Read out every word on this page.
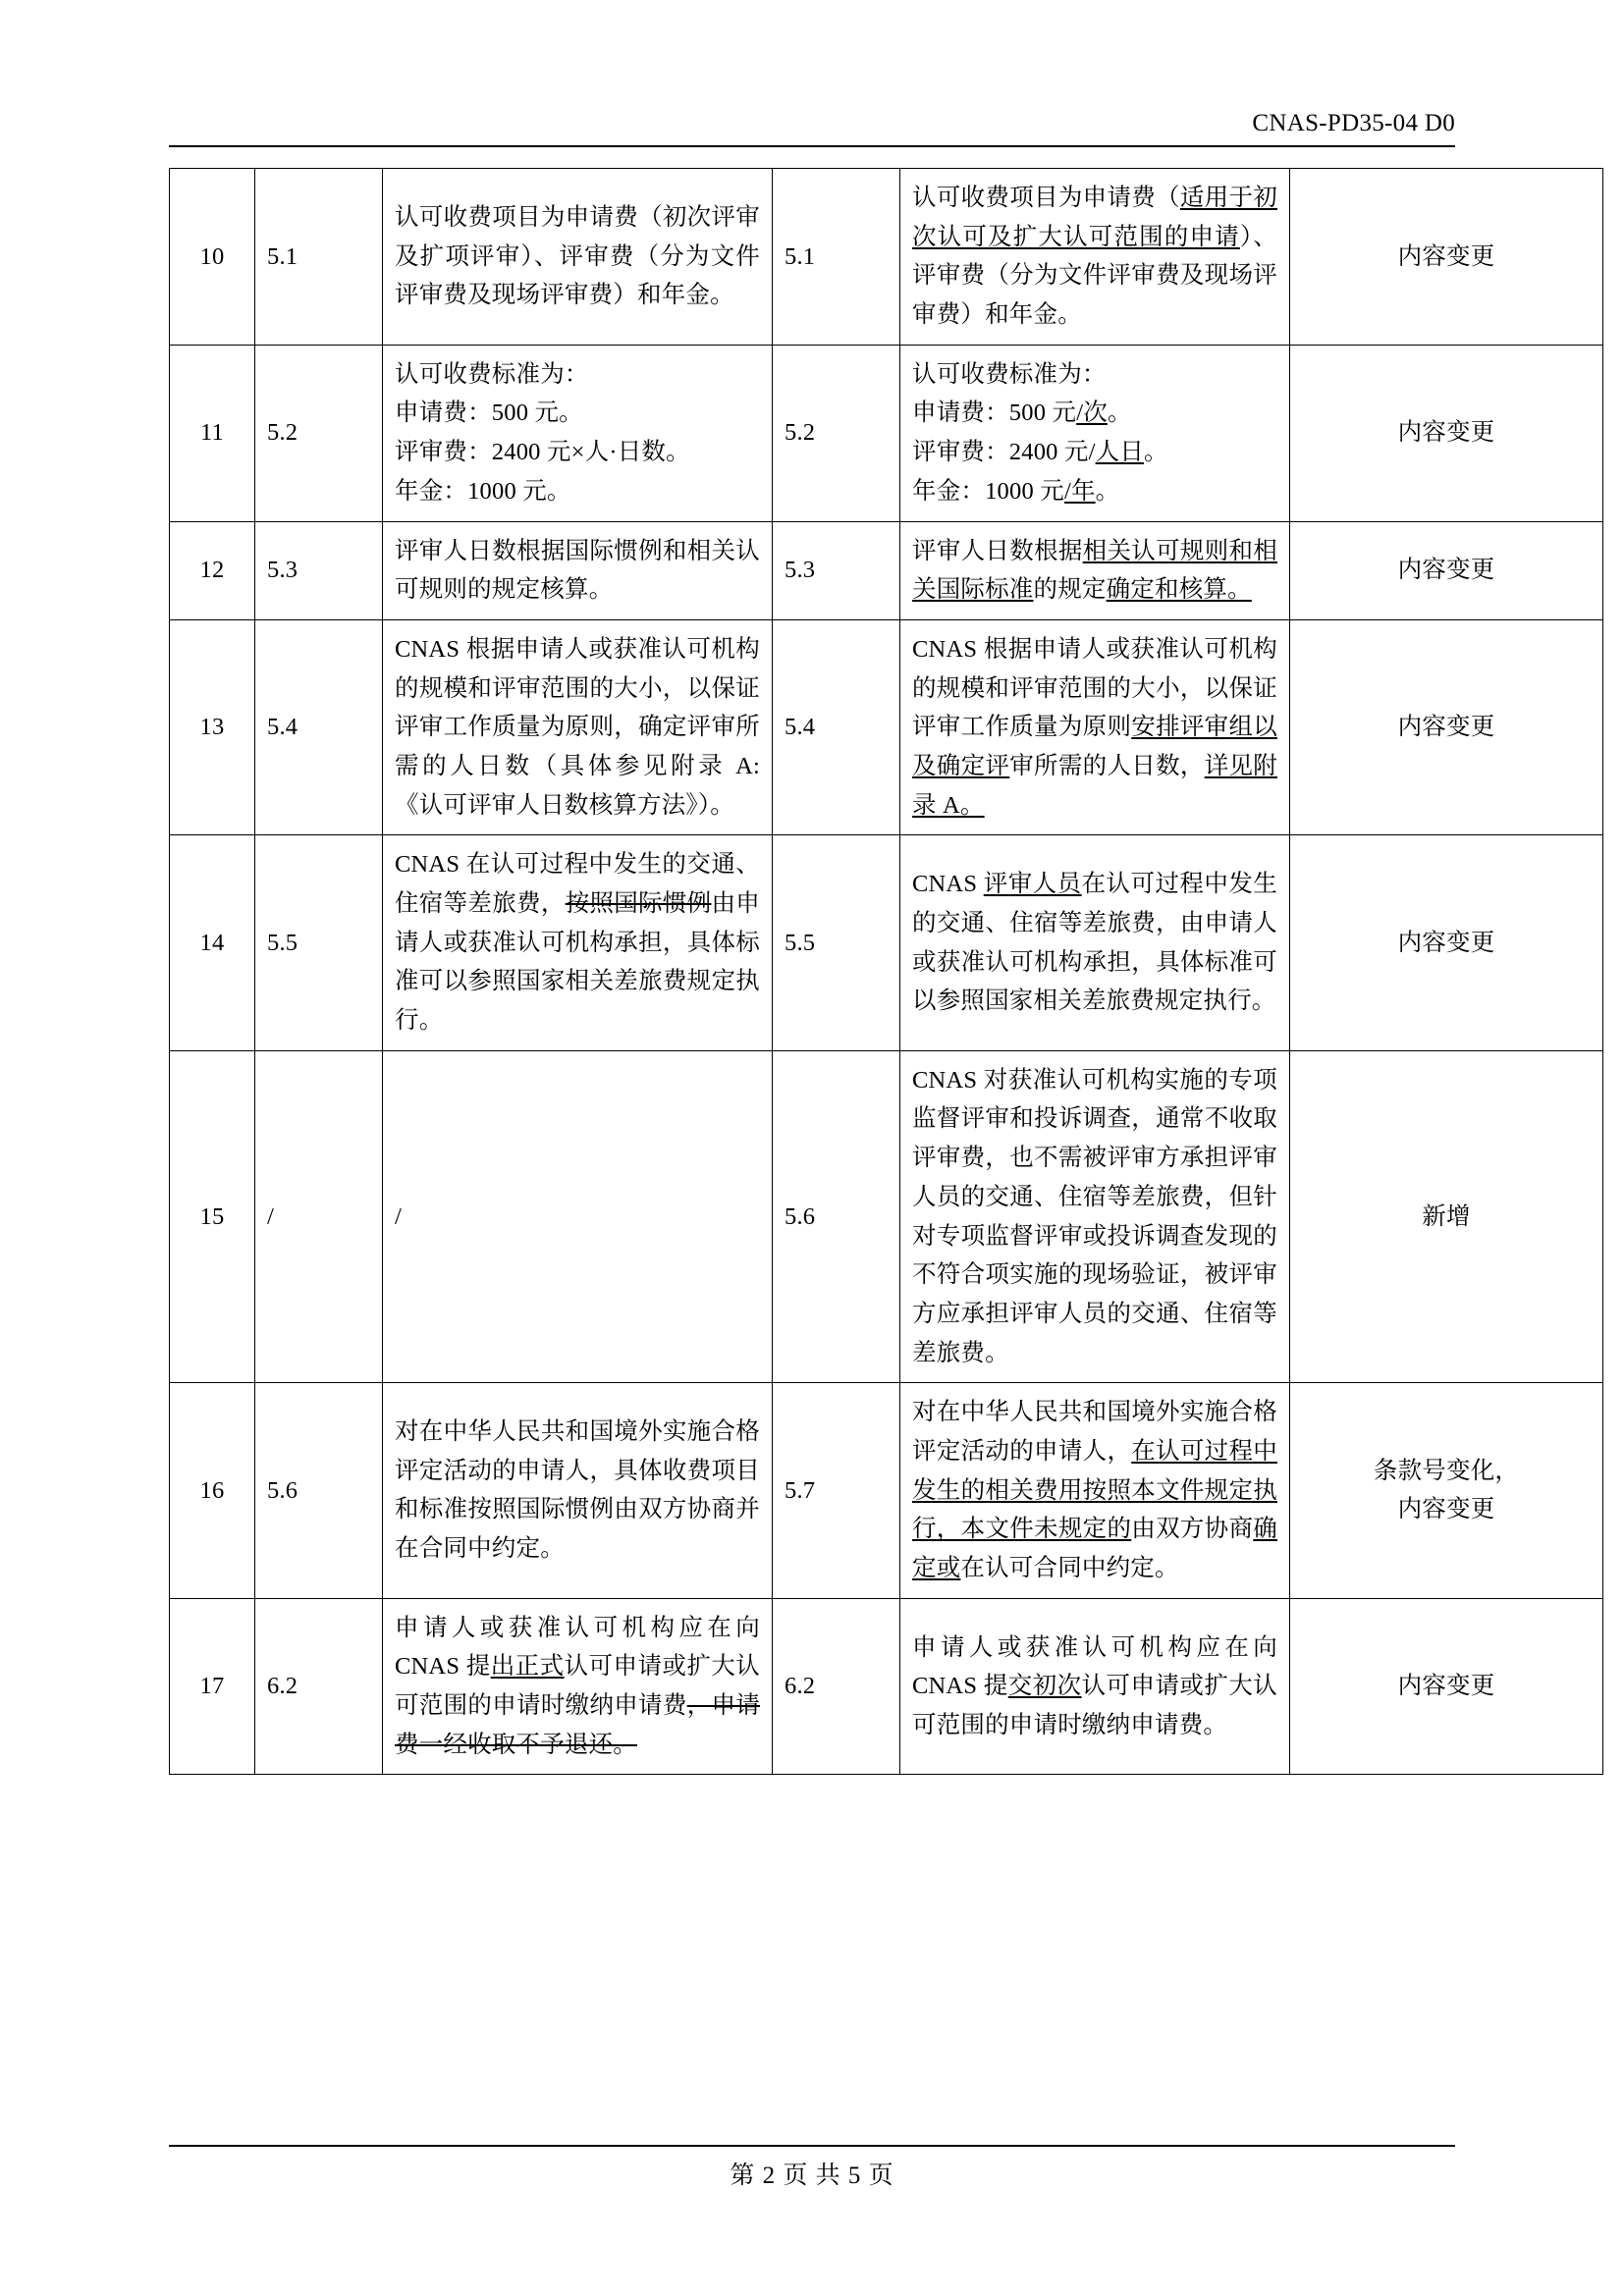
CNAS-PD35-04 D0
10	5.1	认可收费项目为申请费（初次评审及扩项评审）、评审费（分为文件评审费及现场评审费）和年金。	5.1	认可收费项目为申请费（适用于初次认可及扩大认可范围的申请）、评审费（分为文件评审费及现场评审费）和年金。	内容变更
11	5.2	认可收费标准为：
申请费：500 元。
评审费：2400 元×人·日数。
年金：1000 元。	5.2	认可收费标准为：
申请费：500 元/次。
评审费：2400 元/人日。
年金：1000 元/年。	内容变更
12	5.3	评审人日数根据国际惯例和相关认可规则的规定核算。	5.3	评审人日数根据相关认可规则和相关国际标准的规定确定和核算。	内容变更
13	5.4	CNAS 根据申请人或获准认可机构的规模和评审范围的大小，以保证评审工作质量为原则，确定评审所需的人日数（具体参见附录 A:《认可评审人日数核算方法》）。	5.4	CNAS 根据申请人或获准认可机构的规模和评审范围的大小，以保证评审工作质量为原则安排评审组以及确定评审所需的人日数，详见附录 A。	内容变更
14	5.5	CNAS 在认可过程中发生的交通、住宿等差旅费，按照国际惯例由申请人或获准认可机构承担，具体标准可以参照国家相关差旅费规定执行。	5.5	CNAS 评审人员在认可过程中发生的交通、住宿等差旅费，由申请人或获准认可机构承担，具体标准可以参照国家相关差旅费规定执行。	内容变更
15	/	/	5.6	CNAS 对获准认可机构实施的专项监督评审和投诉调查，通常不收取评审费，也不需被评审方承担评审人员的交通、住宿等差旅费，但针对专项监督评审或投诉调查发现的不符合项实施的现场验证，被评审方应承担评审人员的交通、住宿等差旅费。	新增
16	5.6	对在中华人民共和国境外实施合格评定活动的申请人，具体收费项目和标准按照国际惯例由双方协商并在合同中约定。	5.7	对在中华人民共和国境外实施合格评定活动的申请人，在认可过程中发生的相关费用按照本文件规定执行，本文件未规定的由双方协商确定或在认可合同中约定。	条款号变化，
内容变更
17	6.2	申请人或获准认可机构应在向 CNAS 提出正式认可申请或扩大认可范围的申请时缴纳申请费，申请费一经收取不予退还。	6.2	申请人或获准认可机构应在向 CNAS 提交初次认可申请或扩大认可范围的申请时缴纳申请费。	内容变更
第 2 页 共 5 页
